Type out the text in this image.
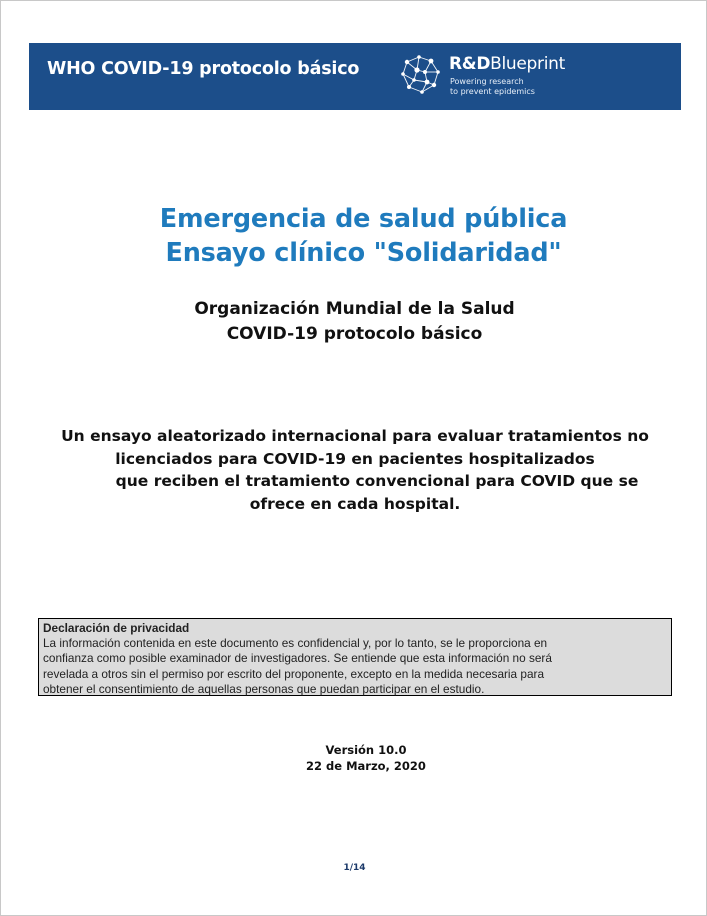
WHO COVID-19 protocolo básico	R&DBlueprint
Powering research
to prevent epidemics
Emergencia de salud pública
Ensayo clínico "Solidaridad"
Organización Mundial de la Salud
COVID-19 protocolo básico
Un ensayo aleatorizado internacional para evaluar tratamientos no
licenciados para COVID-19 en pacientes hospitalizados
que reciben el tratamiento convencional para COVID que se
ofrece en cada hospital.
Declaración de privacidad
La información contenida en este documento es confidencial y, por lo tanto, se le proporciona en
confianza como posible examinador de investigadores. Se entiende que esta información no será
revelada a otros sin el permiso por escrito del proponente, excepto en la medida necesaria para
obtener el consentimiento de aquellas personas que puedan participar en el estudio.
Versión 10.0
22 de Marzo, 2020
1/14
